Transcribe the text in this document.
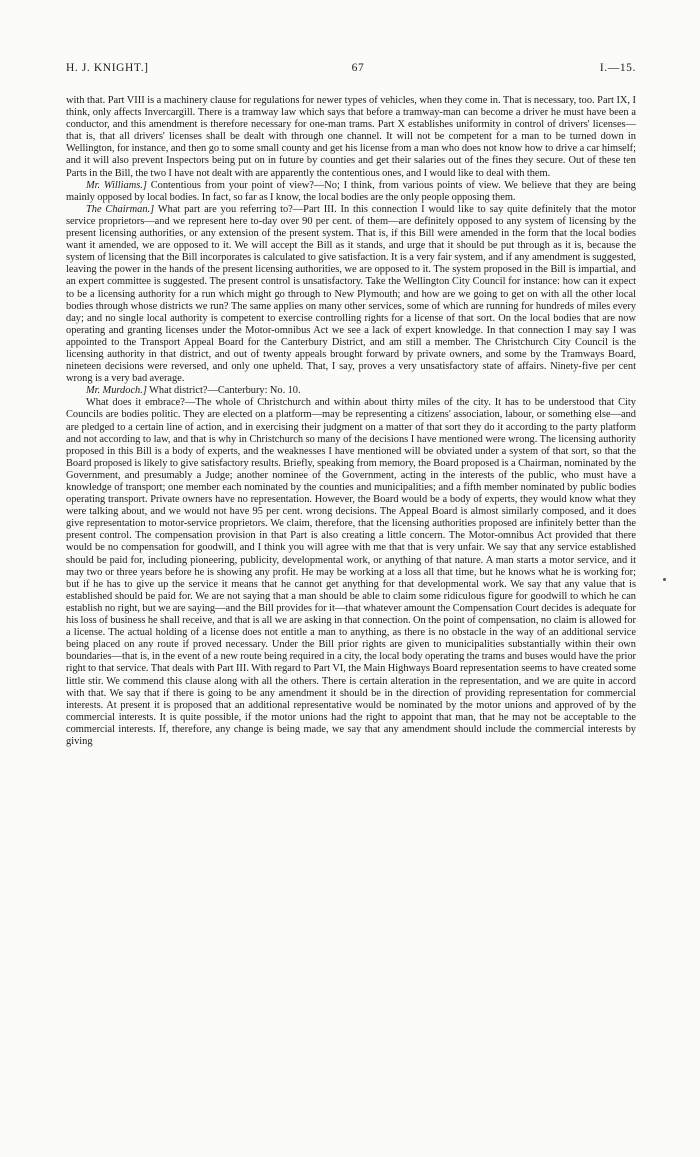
H. J. KNIGHT.]	67	I.—15.

with that. Part VIII is a machinery clause for regulations for newer types of vehicles, when they come in. That is necessary, too. Part IX, I think, only affects Invercargill. There is a tramway law which says that before a tramway-man can become a driver he must have been a conductor, and this amendment is therefore necessary for one-man trams. Part X establishes uniformity in control of drivers' licenses—that is, that all drivers' licenses shall be dealt with through one channel. It will not be competent for a man to be turned down in Wellington, for instance, and then go to some small county and get his license from a man who does not know how to drive a car himself; and it will also prevent Inspectors being put on in future by counties and get their salaries out of the fines they secure. Out of these ten Parts in the Bill, the two I have not dealt with are apparently the contentious ones, and I would like to deal with them.

Mr. Williams.] Contentious from your point of view?—No; I think, from various points of view. We believe that they are being mainly opposed by local bodies. In fact, so far as I know, the local bodies are the only people opposing them.

The Chairman.] What part are you referring to?—Part III. In this connection I would like to say quite definitely that the motor service proprietors—and we represent here to-day over 90 per cent. of them—are definitely opposed to any system of licensing by the present licensing authorities, or any extension of the present system. That is, if this Bill were amended in the form that the local bodies want it amended, we are opposed to it. We will accept the Bill as it stands, and urge that it should be put through as it is, because the system of licensing that the Bill incorporates is calculated to give satisfaction. It is a very fair system, and if any amendment is suggested, leaving the power in the hands of the present licensing authorities, we are opposed to it. The system proposed in the Bill is impartial, and an expert committee is suggested. The present control is unsatisfactory. Take the Wellington City Council for instance: how can it expect to be a licensing authority for a run which might go through to New Plymouth; and how are we going to get on with all the other local bodies through whose districts we run? The same applies on many other services, some of which are running for hundreds of miles every day; and no single local authority is competent to exercise controlling rights for a license of that sort. On the local bodies that are now operating and granting licenses under the Motor-omnibus Act we see a lack of expert knowledge. In that connection I may say I was appointed to the Transport Appeal Board for the Canterbury District, and am still a member. The Christchurch City Council is the licensing authority in that district, and out of twenty appeals brought forward by private owners, and some by the Tramways Board, nineteen decisions were reversed, and only one upheld. That, I say, proves a very unsatisfactory state of affairs. Ninety-five per cent wrong is a very bad average.

Mr. Murdoch.] What district?—Canterbury: No. 10.

What does it embrace?—The whole of Christchurch and within about thirty miles of the city. It has to be understood that City Councils are bodies politic. They are elected on a platform—may be representing a citizens' association, labour, or something else—and are pledged to a certain line of action, and in exercising their judgment on a matter of that sort they do it according to the party platform and not according to law, and that is why in Christchurch so many of the decisions I have mentioned were wrong. The licensing authority proposed in this Bill is a body of experts, and the weaknesses I have mentioned will be obviated under a system of that sort, so that the Board proposed is likely to give satisfactory results. Briefly, speaking from memory, the Board proposed is a Chairman, nominated by the Government, and presumably a Judge; another nominee of the Government, acting in the interests of the public, who must have a knowledge of transport; one member each nominated by the counties and municipalities; and a fifth member nominated by public bodies operating transport. Private owners have no representation. However, the Board would be a body of experts, they would know what they were talking about, and we would not have 95 per cent. wrong decisions. The Appeal Board is almost similarly composed, and it does give representation to motor-service proprietors. We claim, therefore, that the licensing authorities proposed are infinitely better than the present control. The compensation provision in that Part is also creating a little concern. The Motor-omnibus Act provided that there would be no compensation for goodwill, and I think you will agree with me that that is very unfair. We say that any service established should be paid for, including pioneering, publicity, developmental work, or anything of that nature. A man starts a motor service, and it may two or three years before he is showing any profit. He may be working at a loss all that time, but he knows what he is working for; but if he has to give up the service it means that he cannot get anything for that developmental work. We say that any value that is established should be paid for. We are not saying that a man should be able to claim some ridiculous figure for goodwill to which he can establish no right, but we are saying—and the Bill provides for it—that whatever amount the Compensation Court decides is adequate for his loss of business he shall receive, and that is all we are asking in that connection. On the point of compensation, no claim is allowed for a license. The actual holding of a license does not entitle a man to anything, as there is no obstacle in the way of an additional service being placed on any route if proved necessary. Under the Bill prior rights are given to municipalities substantially within their own boundaries—that is, in the event of a new route being required in a city, the local body operating the trams and buses would have the prior right to that service. That deals with Part III. With regard to Part VI, the Main Highways Board representation seems to have created some little stir. We commend this clause along with all the others. There is certain alteration in the representation, and we are quite in accord with that. We say that if there is going to be any amendment it should be in the direction of providing representation for commercial interests. At present it is proposed that an additional representative would be nominated by the motor unions and approved of by the commercial interests. It is quite possible, if the motor unions had the right to appoint that man, that he may not be acceptable to the commercial interests. If, therefore, any change is being made, we say that any amendment should include the commercial interests by giving
